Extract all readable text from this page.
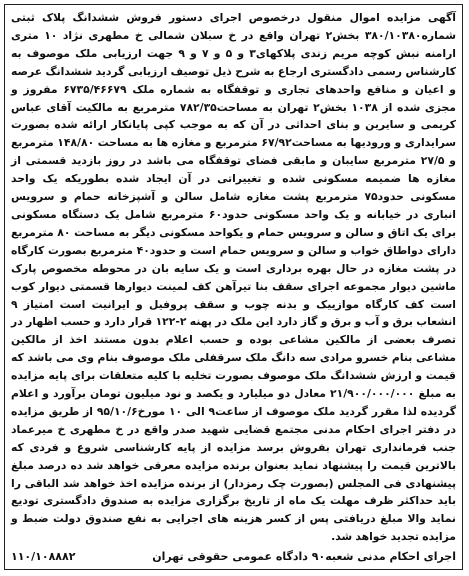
آگهی مزایده اموال منقول درخصوص اجرای دستور فروش ششدانگ پلاک ثبتی شماره۳۸۰/۱۰۳۸۰ بخش۲ تهران واقع در خ سبلان شمالی خ مطهری نژاد ۱۰ متری ارامنه نبش کوچه مریم زندی پلاکهای۳ و ۵ و ۷ و ۹ جهت ارزیابی ملک موصوف به کارشناس رسمی دادگستری ارجاع به شرح ذیل توصیف ارزیابی گردید ششدانگ عرصه و اعیان و منافع واحدهای تجاری و توقفگاه به شماره ملک ۶۷۳۵/۴۶۶۷۹ مفروز و مجزی شده از ۱۰۳۸ بخش۲ تهران به مساحت۷۸۲/۳۵ مترمربع به مالکیت آقای عباس کریمی و سایرین و بنای احداثی در آن که به موجب کپی پایانکار ارائه شده بصورت سرایداری و ورودیها به مساحت۶۷/۹۲ مترمربع و مغازه ها به مساحت ۱۴۸/۸۰ مترمربع و ۲۷/۵ مترمربع سایبان و مابقی فضای توقفگاه می باشد در روز بازدید قسمتی از مغازه ها ضمیمه مسکونی شده و تغییراتی در آن ایجاد شده بطوریکه یک واحد مسکونی حدود۷۵ مترمربع پشت مغازه شامل سالن و آشپزخانه حمام و سرویس انباری در خیابانه و یک واحد مسکونی حدود۶۰ مترمربع شامل یک دستگاه مسکونی برای یک اتاق و سالن و سرویس حمام و یکواحد مسکونی دیگر به مساحت ۸۰ مترمربع دارای دواطاق خواب و سالن و سرویس حمام است و حدود۴۰ مترمربع بصورت کارگاه در پشت مغازه در حال بهره برداری است و یک سایه بان در محوطه مخصوص پارک ماشین دیوار مجموعه اجرای سقف بنا تیرآهن کف لمینت دیوارها قسمتی دیوار کوب است کف کارگاه موازییک و بدنه چوب و سقف پروفیل و ایرانیت است امتیاز ۹ انشعاب برق و آب و برق و گاز دارد این ملک در پهنه ۲-۱۲۲ قرار دارد و حسب اظهار در تصرف بعضی از مالکین مشاعی بوده و حسب اعلام بدون مستند اخذ از مالکین مشاعی بنام خسرو مرادی سه دانگ ملک سرقفلی ملک موصوف بنام وی می باشد که قیمت و ارزش ششدانگ ملک موصوف بصورت تخلیه با کلیه متعلقات برای پایه مزایده به مبلغ ۲۱/۹۰۰/۰۰۰/۰۰۰ معادل دو میلیارد و یکصد و نود میلیون تومان برآورد و اعلام گردیده لذا مقرر گردید ملک موصوف از ساعت۹ الی ۱۰ مورخ۹۵/۱۰/۶ از طریق مزایده در دفتر اجرای احکام مدنی مجتمع قضایی شهید صدر واقع در خ مطهری خ میرعماد جنب فرمانداری تهران بفروش برسد مزایده از پایه کارشناسی شروع و فردی که بالاترین قیمت را پیشنهاد نماید بعنوان برنده مزایده معرفی خواهد شد ده درصد مبلغ پیشنهادی فی المجلس (بصورت چک رمزدار) از برنده مزایده اخذ خواهد شد الباقی را باید حداکثر ظرف مهلت یک ماه از تاریخ برگزاری مزایده به صندوق دادگستری تودیع نماید والا مبلغ دریافتی پس از کسر هزینه های اجرایی به نفع صندوق دولت ضبط و مزایده تجدید خواهد شد.

اجرای احکام مدنی شعبه۹۰ دادگاه عمومی حقوقی تهران
۱۱۰/۱۰۸۸۸۲
